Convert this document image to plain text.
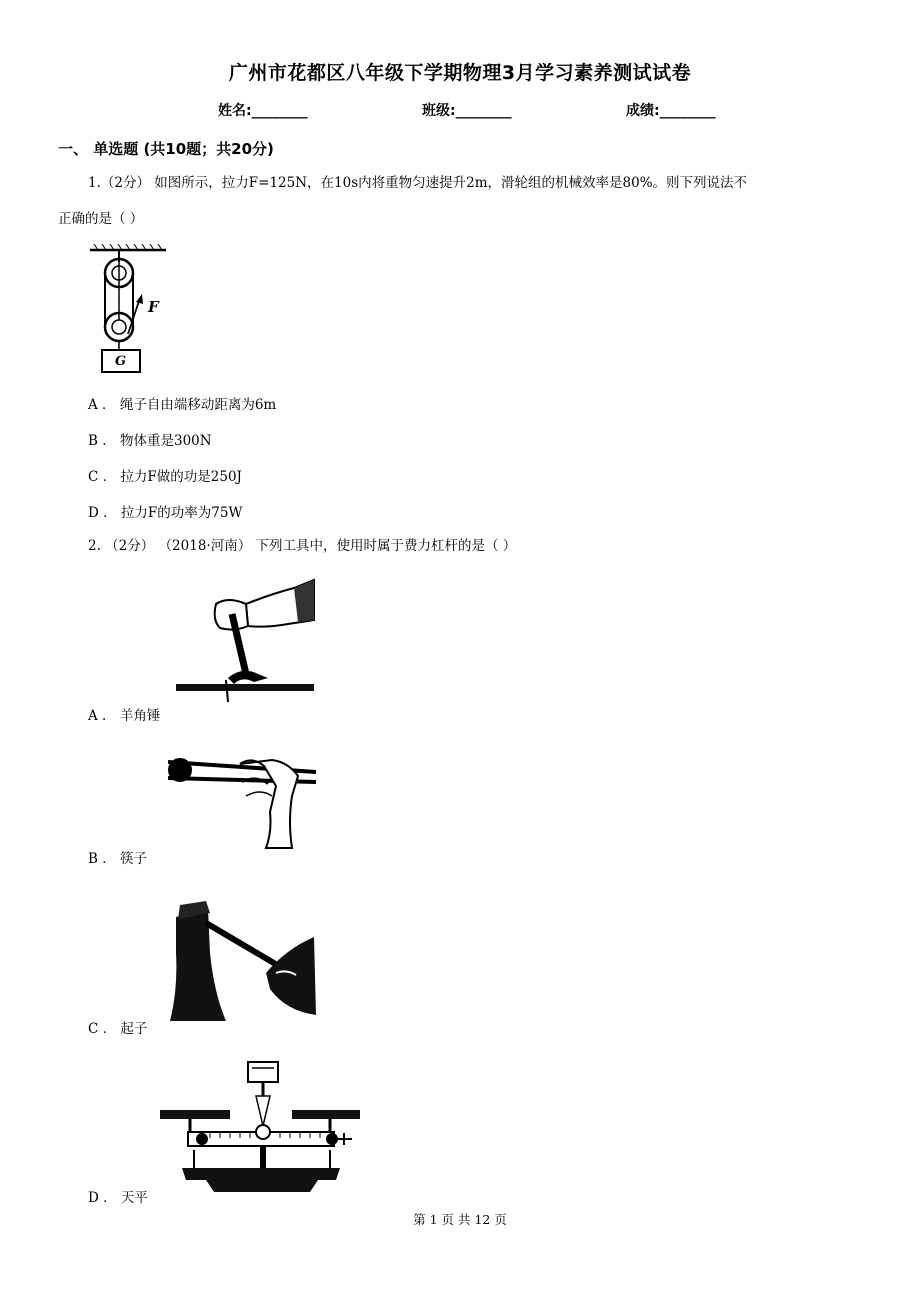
广州市花都区八年级下学期物理3月学习素养测试试卷
姓名:________	班级:________	成绩:________
一、 单选题 (共10题；共20分)
1.（2分） 如图所示，拉力F=125N，在10s内将重物匀速提升2m，滑轮组的机械效率是80%。则下列说法不
正确的是（ ）
F
G
A ． 绳子自由端移动距离为6m
B ． 物体重是300N
C ． 拉力F做的功是250J
D ． 拉力F的功率为75W
2. （2分） （2018·河南） 下列工具中，使用时属于费力杠杆的是（ ）
A ． 羊角锤
B ． 筷子
C ． 起子
D ． 天平
第 1 页 共 12 页
